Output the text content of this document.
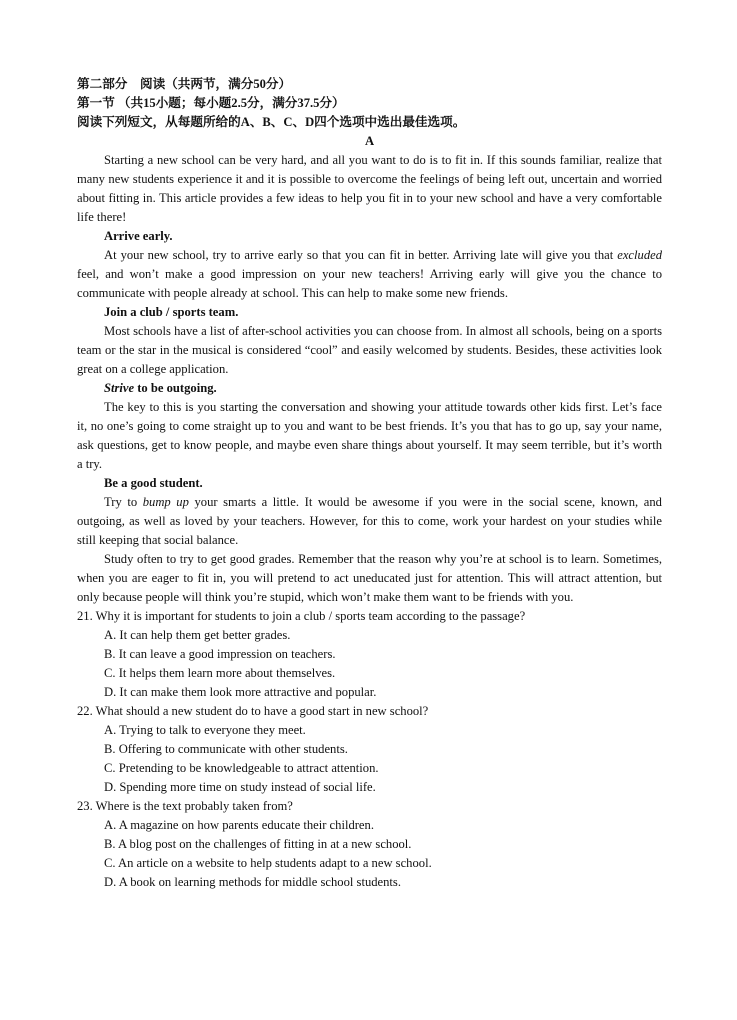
第二部分　阅读（共两节，满分50分）
第一节 （共15小题；每小题2.5分，满分37.5分）
阅读下列短文，从每题所给的A、B、C、D四个选项中选出最佳选项。
A

Starting a new school can be very hard, and all you want to do is to fit in. If this sounds familiar, realize that many new students experience it and it is possible to overcome the feelings of being left out, uncertain and worried about fitting in. This article provides a few ideas to help you fit in to your new school and have a very comfortable life there!

Arrive early.

At your new school, try to arrive early so that you can fit in better. Arriving late will give you that excluded feel, and won’t make a good impression on your new teachers! Arriving early will give you the chance to communicate with people already at school. This can help to make some new friends.

Join a club / sports team.

Most schools have a list of after-school activities you can choose from. In almost all schools, being on a sports team or the star in the musical is considered “cool” and easily welcomed by students. Besides, these activities look great on a college application.

Strive to be outgoing.

The key to this is you starting the conversation and showing your attitude towards other kids first. Let’s face it, no one’s going to come straight up to you and want to be best friends. It’s you that has to go up, say your name, ask questions, get to know people, and maybe even share things about yourself. It may seem terrible, but it’s worth a try.

Be a good student.

Try to bump up your smarts a little. It would be awesome if you were in the social scene, known, and outgoing, as well as loved by your teachers. However, for this to come, work your hardest on your studies while still keeping that social balance.

Study often to try to get good grades. Remember that the reason why you’re at school is to learn. Sometimes, when you are eager to fit in, you will pretend to act uneducated just for attention. This will attract attention, but only because people will think you’re stupid, which won’t make them want to be friends with you.

21. Why it is important for students to join a club / sports team according to the passage?

A. It can help them get better grades.

B. It can leave a good impression on teachers.

C. It helps them learn more about themselves.

D. It can make them look more attractive and popular.

22. What should a new student do to have a good start in new school?

A. Trying to talk to everyone they meet.

B. Offering to communicate with other students.

C. Pretending to be knowledgeable to attract attention.

D. Spending more time on study instead of social life.

23. Where is the text probably taken from?

A. A magazine on how parents educate their children.

B. A blog post on the challenges of fitting in at a new school.

C. An article on a website to help students adapt to a new school.

D. A book on learning methods for middle school students.
